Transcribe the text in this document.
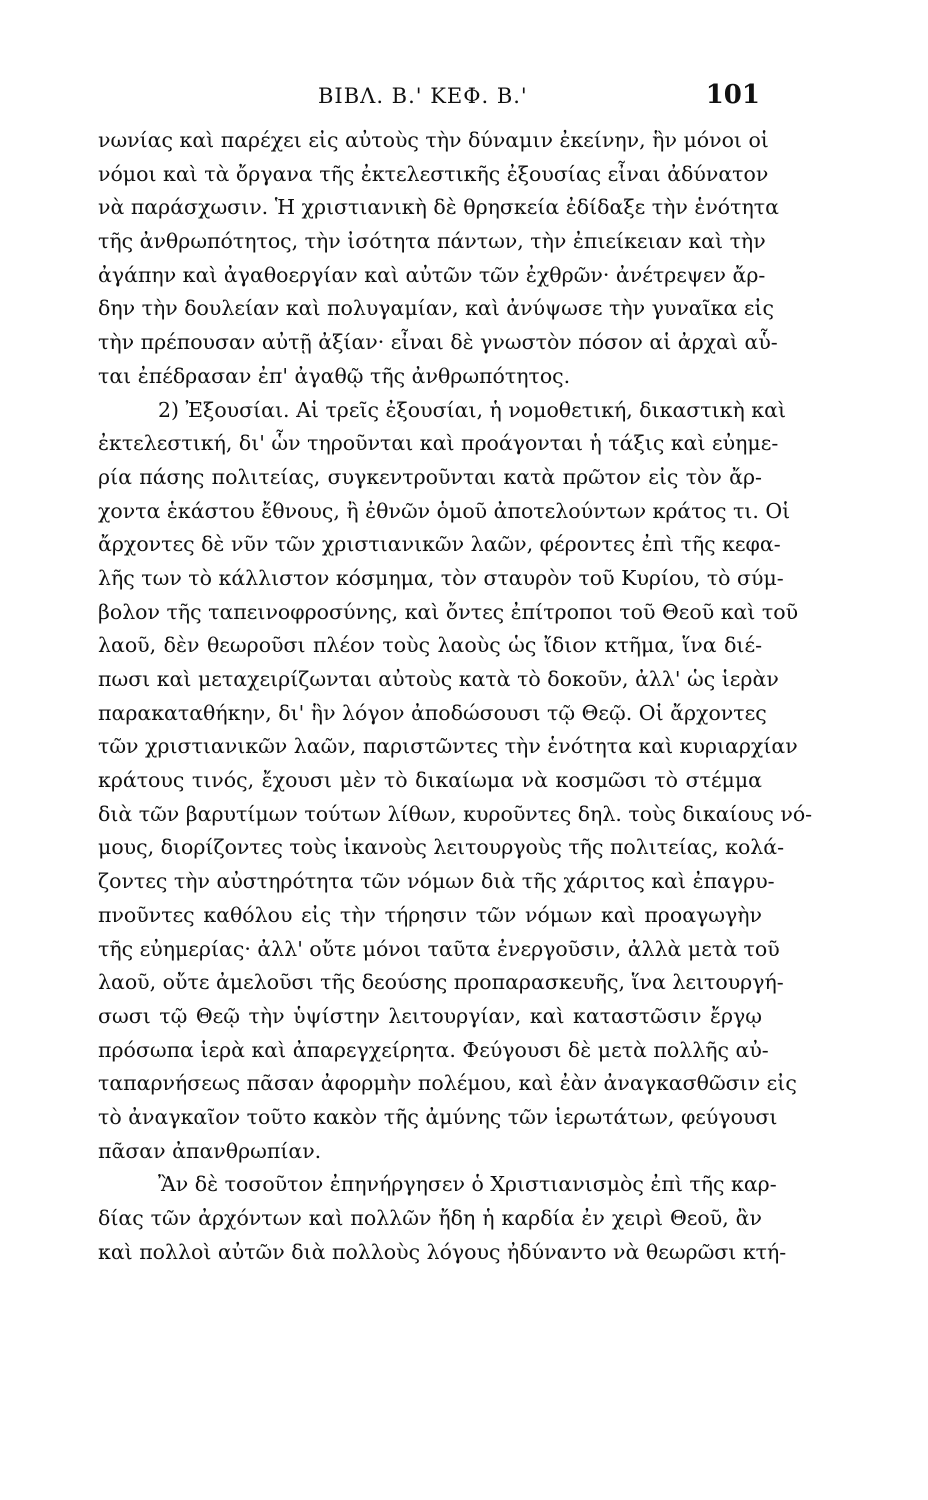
ΒΙΒΛ. Β.' ΚΕΦ. Β.'	101
νωνίας καὶ παρέχει εἰς αὐτοὺς τὴν δύναμιν ἐκείνην, ἣν μόνοι οἱ
νόμοι καὶ τὰ ὄργανα τῆς ἐκτελεστικῆς ἐξουσίας εἶναι ἀδύνατον
νὰ παράσχωσιν. Ἡ χριστιανικὴ δὲ θρησκεία ἐδίδαξε τὴν ἑνότητα
τῆς ἀνθρωπότητος, τὴν ἰσότητα πάντων, τὴν ἐπιείκειαν καὶ τὴν
ἀγάπην καὶ ἀγαθοεργίαν καὶ αὐτῶν τῶν ἐχθρῶν· ἀνέτρεψεν ἄρ-
δην τὴν δουλείαν καὶ πολυγαμίαν, καὶ ἀνύψωσε τὴν γυναῖκα εἰς
τὴν πρέπουσαν αὐτῇ ἀξίαν· εἶναι δὲ γνωστὸν πόσον αἱ ἀρχαὶ αὗ-
ται ἐπέδρασαν ἐπ' ἀγαθῷ τῆς ἀνθρωπότητος.
2) Ἐξουσίαι. Αἱ τρεῖς ἐξουσίαι, ἡ νομοθετική, δικαστικὴ καὶ
ἐκτελεστική, δι' ὧν τηροῦνται καὶ προάγονται ἡ τάξις καὶ εὐημε-
ρία πάσης πολιτείας, συγκεντροῦνται κατὰ πρῶτον εἰς τὸν ἄρ-
χοντα ἑκάστου ἔθνους, ἢ ἐθνῶν ὁμοῦ ἀποτελούντων κράτος τι. Οἱ
ἄρχοντες δὲ νῦν τῶν χριστιανικῶν λαῶν, φέροντες ἐπὶ τῆς κεφα-
λῆς των τὸ κάλλιστον κόσμημα, τὸν σταυρὸν τοῦ Κυρίου, τὸ σύμ-
βολον τῆς ταπεινοφροσύνης, καὶ ὄντες ἐπίτροποι τοῦ Θεοῦ καὶ τοῦ
λαοῦ, δὲν θεωροῦσι πλέον τοὺς λαοὺς ὡς ἴδιον κτῆμα, ἵνα διέ-
πωσι καὶ μεταχειρίζωνται αὐτοὺς κατὰ τὸ δοκοῦν, ἀλλ' ὡς ἱερὰν
παρακαταθήκην, δι' ἣν λόγον ἀποδώσουσι τῷ Θεῷ. Οἱ ἄρχοντες
τῶν χριστιανικῶν λαῶν, παριστῶντες τὴν ἑνότητα καὶ κυριαρχίαν
κράτους τινός, ἔχουσι μὲν τὸ δικαίωμα νὰ κοσμῶσι τὸ στέμμα
διὰ τῶν βαρυτίμων τούτων λίθων, κυροῦντες δηλ. τοὺς δικαίους νό-
μους, διορίζοντες τοὺς ἱκανοὺς λειτουργοὺς τῆς πολιτείας, κολά-
ζοντες τὴν αὐστηρότητα τῶν νόμων διὰ τῆς χάριτος καὶ ἐπαγρυ-
πνοῦντες καθόλου εἰς τὴν τήρησιν τῶν νόμων καὶ προαγωγὴν
τῆς εὐημερίας· ἀλλ' οὔτε μόνοι ταῦτα ἐνεργοῦσιν, ἀλλὰ μετὰ τοῦ
λαοῦ, οὔτε ἀμελοῦσι τῆς δεούσης προπαρασκευῆς, ἵνα λειτουργή-
σωσι τῷ Θεῷ τὴν ὑψίστην λειτουργίαν, καὶ καταστῶσιν ἔργῳ
πρόσωπα ἱερὰ καὶ ἀπαρεγχείρητα. Φεύγουσι δὲ μετὰ πολλῆς αὐ-
ταπαρνήσεως πᾶσαν ἀφορμὴν πολέμου, καὶ ἐὰν ἀναγκασθῶσιν εἰς
τὸ ἀναγκαῖον τοῦτο κακὸν τῆς ἀμύνης τῶν ἱερωτάτων, φεύγουσι
πᾶσαν ἀπανθρωπίαν.
Ἂν δὲ τοσοῦτον ἐπηνήργησεν ὁ Χριστιανισμὸς ἐπὶ τῆς καρ-
δίας τῶν ἀρχόντων καὶ πολλῶν ἤδη ἡ καρδία ἐν χειρὶ Θεοῦ, ἂν
καὶ πολλοὶ αὐτῶν διὰ πολλοὺς λόγους ἠδύναντο νὰ θεωρῶσι κτή-
